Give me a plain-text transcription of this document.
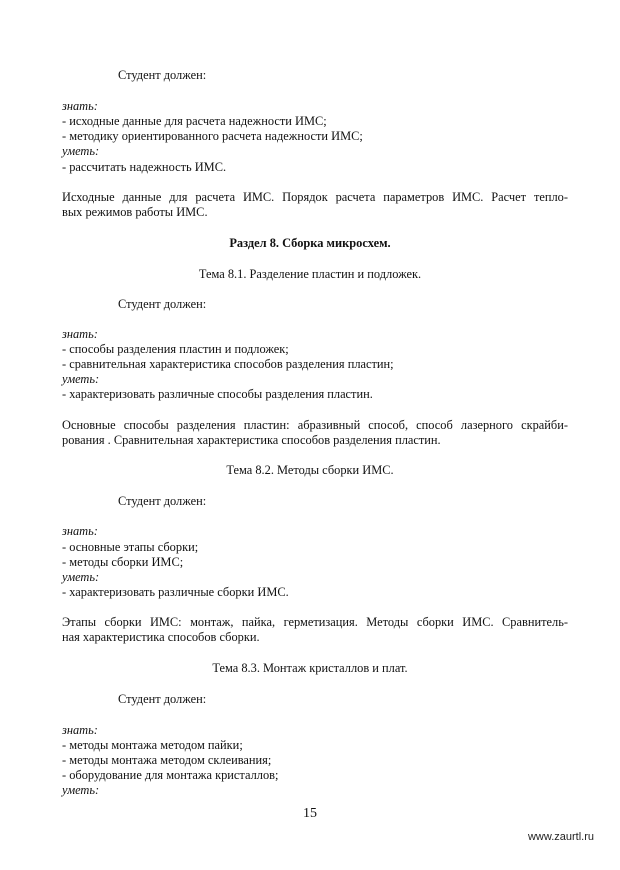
Студент должен:
знать:
- исходные данные для расчета надежности ИМС;
- методику ориентированного расчета надежности ИМС;
уметь:
- рассчитать надежность ИМС.
Исходные данные для расчета ИМС. Порядок расчета параметров ИМС. Расчет тепло-
вых режимов работы ИМС.
Раздел 8. Сборка микросхем.
Тема 8.1. Разделение пластин и подложек.
Студент должен:
знать:
- способы разделения пластин и подложек;
- сравнительная характеристика способов разделения пластин;
уметь:
- характеризовать различные способы разделения пластин.
Основные способы разделения пластин: абразивный способ, способ лазерного скрайби-
рования . Сравнительная характеристика способов разделения пластин.
Тема 8.2. Методы сборки ИМС.
Студент должен:
знать:
- основные этапы сборки;
- методы сборки ИМС;
уметь:
- характеризовать различные сборки ИМС.
Этапы сборки ИМС: монтаж, пайка, герметизация. Методы сборки ИМС. Сравнитель-
ная характеристика способов сборки.
Тема 8.3. Монтаж кристаллов и плат.
Студент должен:
знать:
- методы монтажа методом пайки;
- методы монтажа методом склеивания;
- оборудование для монтажа кристаллов;
уметь:
15
www.zaurtl.ru
